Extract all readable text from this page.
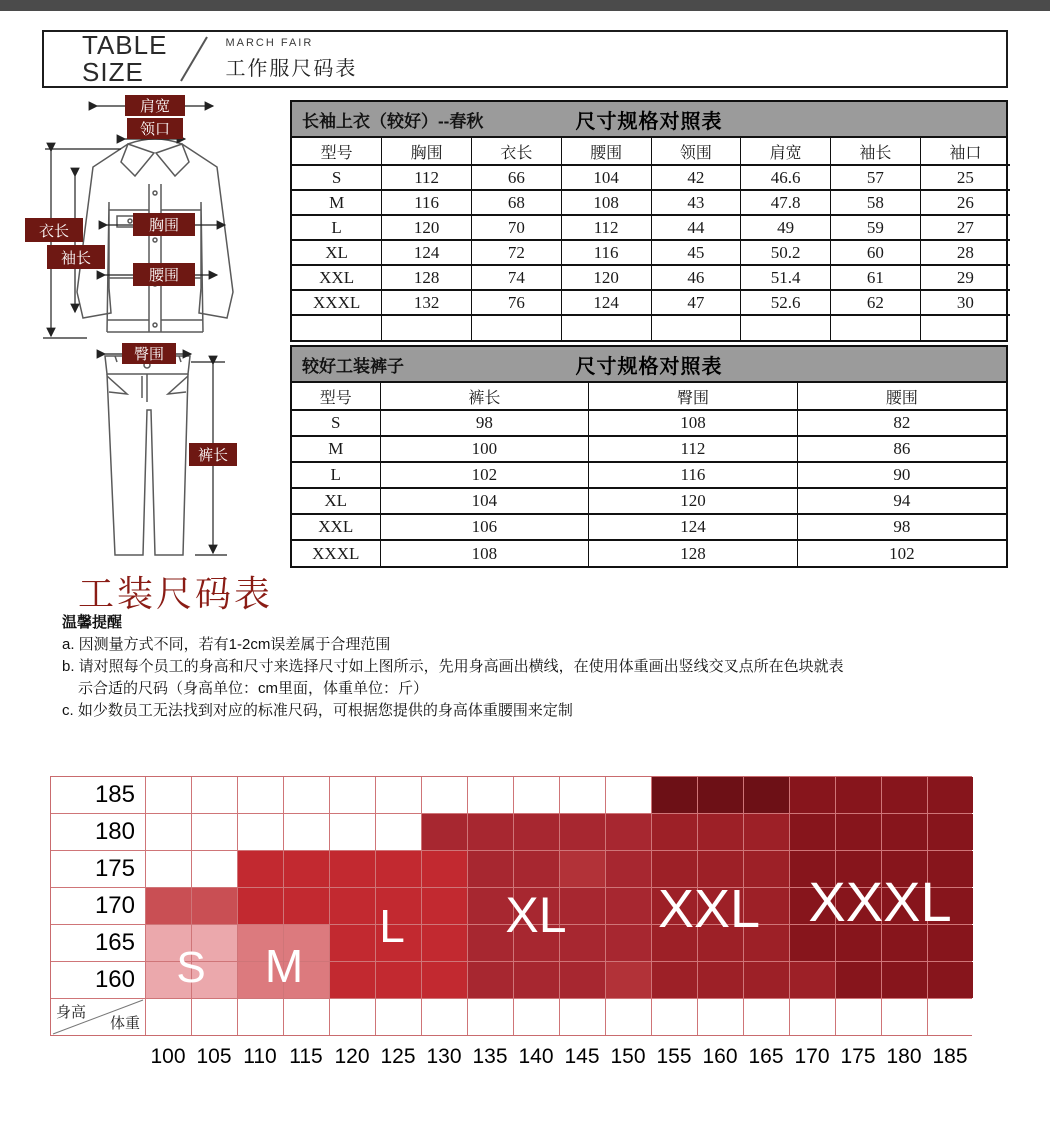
TABLE
SIZE
MARCH FAIR
工作服尺码表
肩宽
领口
衣长
袖长
胸围
腰围
臀围
裤长
长袖上衣（较好）--春秋	尺寸规格对照表
型号	胸围	衣长	腰围	领围	肩宽	袖长	袖口
S	112	66	104	42	46.6	57	25
M	116	68	108	43	47.8	58	26
L	120	70	112	44	49	59	27
XL	124	72	116	45	50.2	60	28
XXL	128	74	120	46	51.4	61	29
XXXL	132	76	124	47	52.6	62	30

较好工装裤子	尺寸规格对照表
型号	裤长	臀围	腰围
S	98	108	82
M	100	112	86
L	102	116	90
XL	104	120	94
XXL	106	124	98
XXXL	108	128	102
工装尺码表
温馨提醒
a. 因测量方式不同，若有1-2cm误差属于合理范围
b. 请对照每个员工的身高和尺寸来选择尺寸如上图所示，先用身高画出横线，在使用体重画出竖线交叉点所在色块就表
示合适的尺码（身高单位：cm里面，体重单位：斤）
c. 如少数员工无法找到对应的标准尺码，可根据您提供的身高体重腰围来定制
185
180
175
170
165
160
身高
体重
S M
L XL XXL XXXL
100 105 110 115 120 125 130 135 140 145 150 155 160 165 170 175 180 185
